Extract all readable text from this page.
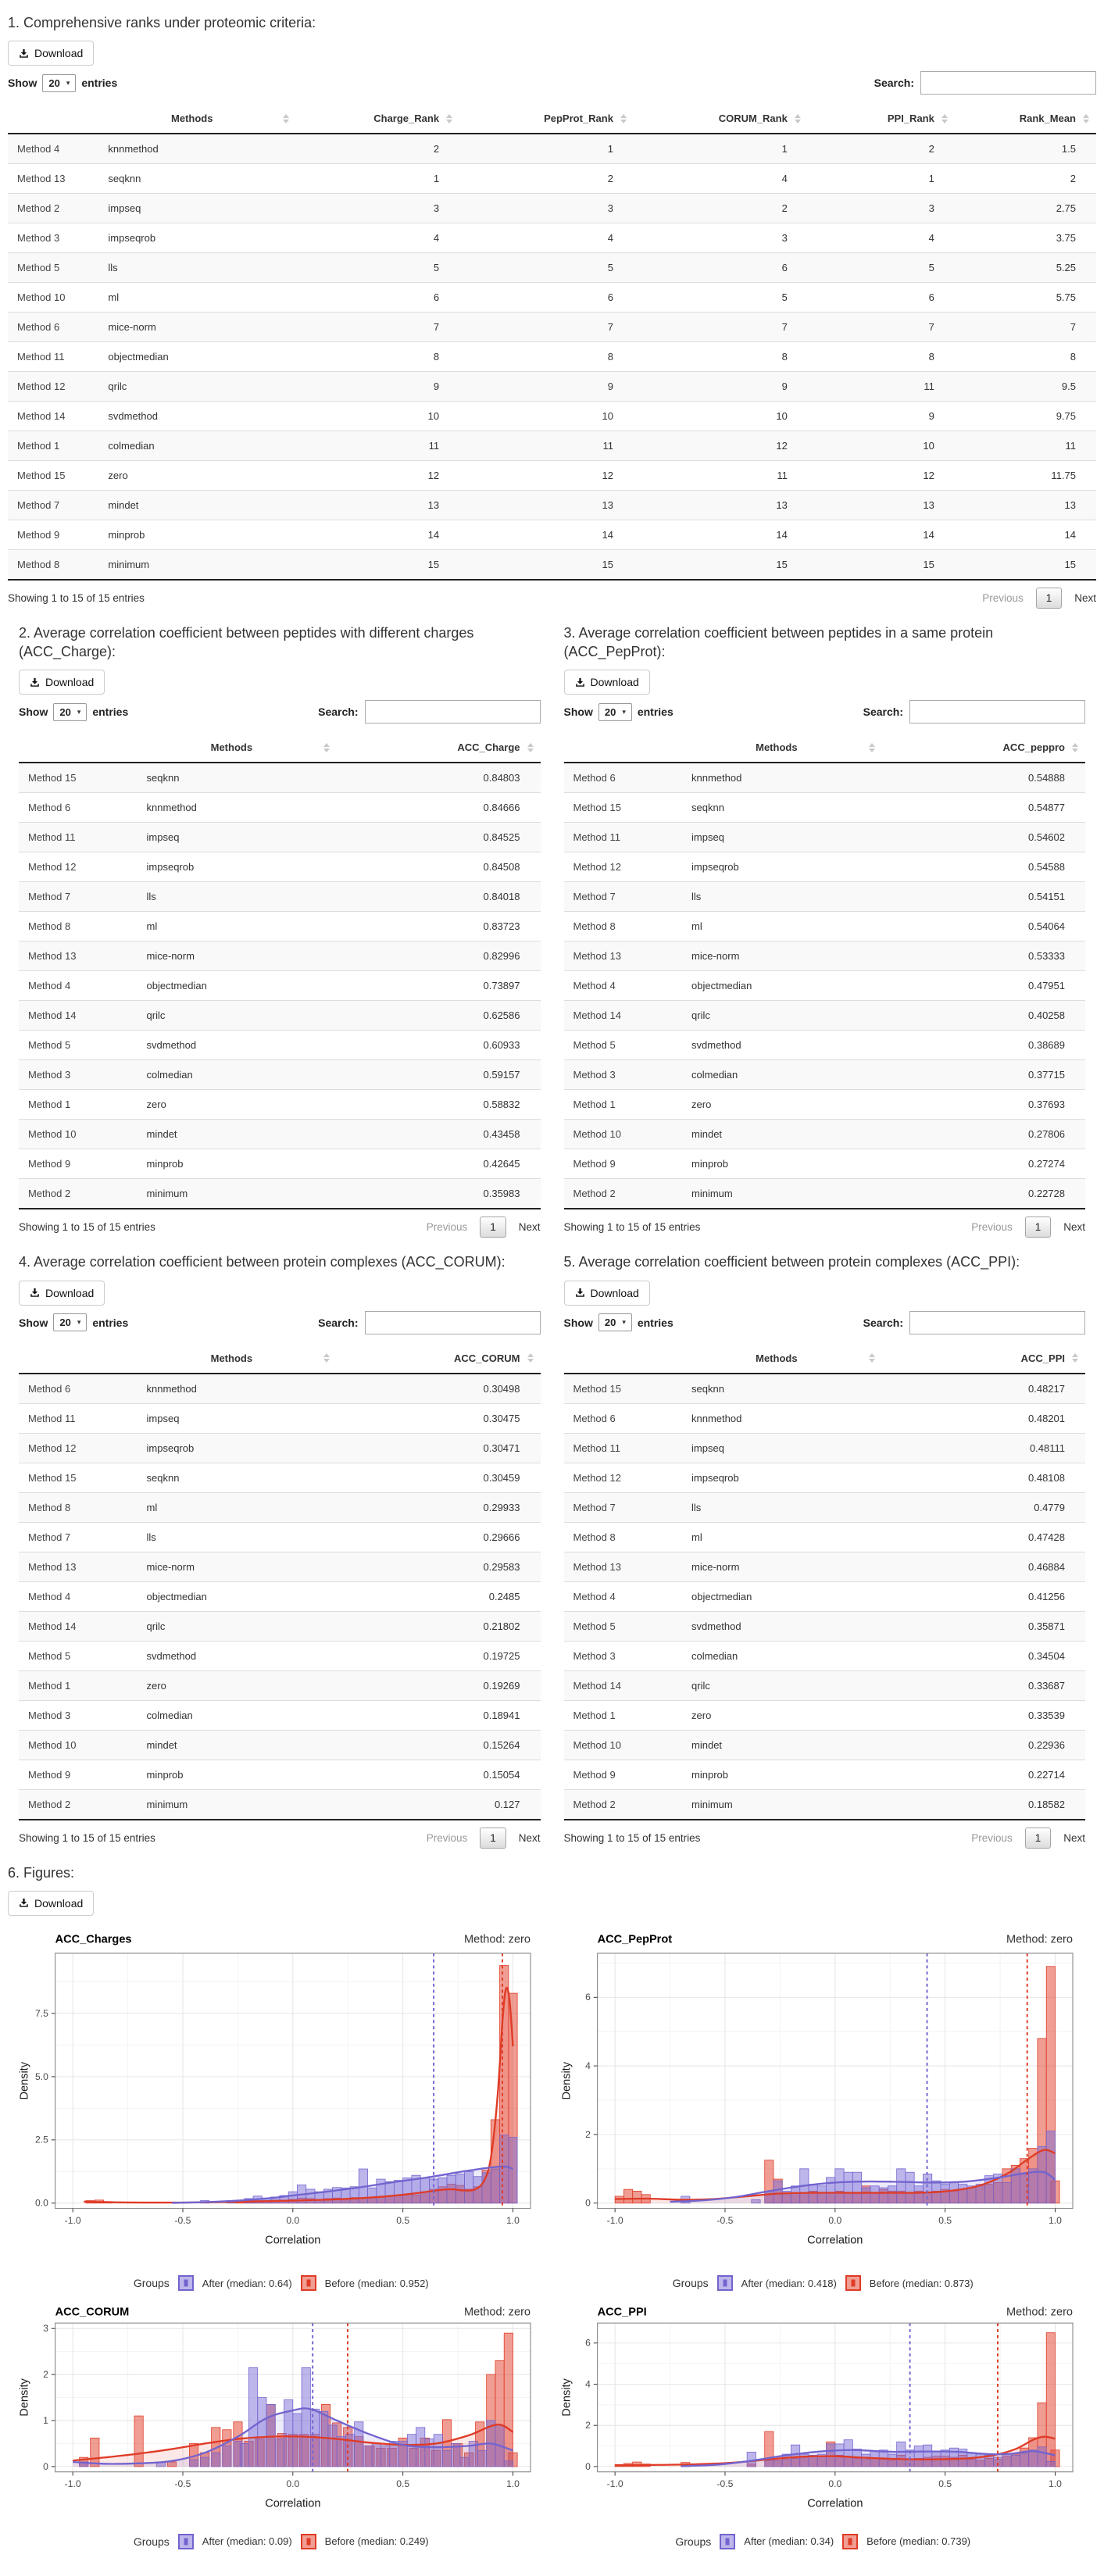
1. Comprehensive ranks under proteomic criteria:
Download
Show 20 ▾ entries	Search:
	Methods	Charge_Rank	PepProt_Rank	CORUM_Rank	PPI_Rank	Rank_Mean

Method 4	knnmethod	2	1	1	2	1.5
Method 13	seqknn	1	2	4	1	2
Method 2	impseq	3	3	2	3	2.75
Method 3	impseqrob	4	4	3	4	3.75
Method 5	lls	5	5	6	5	5.25
Method 10	ml	6	6	5	6	5.75
Method 6	mice-norm	7	7	7	7	7
Method 11	objectmedian	8	8	8	8	8
Method 12	qrilc	9	9	9	11	9.5
Method 14	svdmethod	10	10	10	9	9.75
Method 1	colmedian	11	11	12	10	11
Method 15	zero	12	12	11	12	11.75
Method 7	mindet	13	13	13	13	13
Method 9	minprob	14	14	14	14	14
Method 8	minimum	15	15	15	15	15
Showing 1 to 15 of 15 entries	Previous	1	Next
2. Average correlation coefficient between peptides with different charges (ACC_Charge):
Download
Show 20 ▾ entries	Search:
	Methods	ACC_Charge

Method 15	seqknn	0.84803
Method 6	knnmethod	0.84666
Method 11	impseq	0.84525
Method 12	impseqrob	0.84508
Method 7	lls	0.84018
Method 8	ml	0.83723
Method 13	mice-norm	0.82996
Method 4	objectmedian	0.73897
Method 14	qrilc	0.62586
Method 5	svdmethod	0.60933
Method 3	colmedian	0.59157
Method 1	zero	0.58832
Method 10	mindet	0.43458
Method 9	minprob	0.42645
Method 2	minimum	0.35983
Showing 1 to 15 of 15 entries	Previous	1	Next
3. Average correlation coefficient between peptides in a same protein (ACC_PepProt):
Download
Show 20 ▾ entries	Search:
	Methods	ACC_peppro

Method 6	knnmethod	0.54888
Method 15	seqknn	0.54877
Method 11	impseq	0.54602
Method 12	impseqrob	0.54588
Method 7	lls	0.54151
Method 8	ml	0.54064
Method 13	mice-norm	0.53333
Method 4	objectmedian	0.47951
Method 14	qrilc	0.40258
Method 5	svdmethod	0.38689
Method 3	colmedian	0.37715
Method 1	zero	0.37693
Method 10	mindet	0.27806
Method 9	minprob	0.27274
Method 2	minimum	0.22728
Showing 1 to 15 of 15 entries	Previous	1	Next
4. Average correlation coefficient between protein complexes (ACC_CORUM):
Download
Show 20 ▾ entries	Search:
	Methods	ACC_CORUM

Method 6	knnmethod	0.30498
Method 11	impseq	0.30475
Method 12	impseqrob	0.30471
Method 15	seqknn	0.30459
Method 8	ml	0.29933
Method 7	lls	0.29666
Method 13	mice-norm	0.29583
Method 4	objectmedian	0.2485
Method 14	qrilc	0.21802
Method 5	svdmethod	0.19725
Method 1	zero	0.19269
Method 3	colmedian	0.18941
Method 10	mindet	0.15264
Method 9	minprob	0.15054
Method 2	minimum	0.127
Showing 1 to 15 of 15 entries	Previous	1	Next
5. Average correlation coefficient between protein complexes (ACC_PPI):
Download
Show 20 ▾ entries	Search:
	Methods	ACC_PPI

Method 15	seqknn	0.48217
Method 6	knnmethod	0.48201
Method 11	impseq	0.48111
Method 12	impseqrob	0.48108
Method 7	lls	0.4779
Method 8	ml	0.47428
Method 13	mice-norm	0.46884
Method 4	objectmedian	0.41256
Method 5	svdmethod	0.35871
Method 3	colmedian	0.34504
Method 14	qrilc	0.33687
Method 1	zero	0.33539
Method 10	mindet	0.22936
Method 9	minprob	0.22714
Method 2	minimum	0.18582
Showing 1 to 15 of 15 entries	Previous	1	Next
6. Figures:
Download
-1.0	-0.5	0.0	0.5	1.0
0.0
2.5
5.0
7.5
ACC_Charges	Method: zero
Correlation
Density
Groups	After (median: 0.64)	Before (median: 0.952)
-1.0	-0.5	0.0	0.5	1.0
0
2
4
6
ACC_PepProt	Method: zero
Correlation
Density
Groups	After (median: 0.418)	Before (median: 0.873)
-1.0	-0.5	0.0	0.5	1.0
0
1
2
3
ACC_CORUM	Method: zero
Correlation
Density
Groups	After (median: 0.09)	Before (median: 0.249)
-1.0	-0.5	0.0	0.5	1.0
0
2
4
6
ACC_PPI	Method: zero
Correlation
Density
Groups	After (median: 0.34)	Before (median: 0.739)
